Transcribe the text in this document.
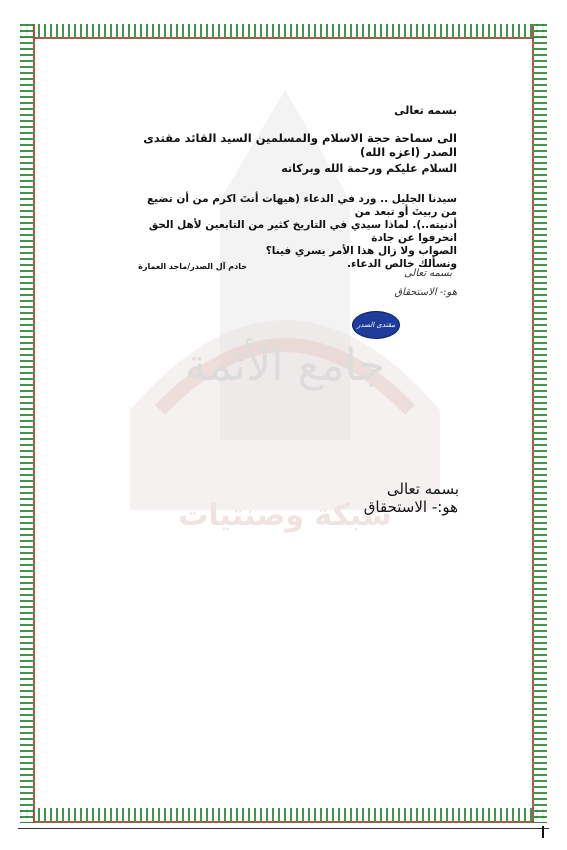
جامع الأئمة
شبكة وصنتيات
بسمه تعالى
الى سماحة حجة الاسلام والمسلمين السيد القائد مقتدى الصدر (اعزه الله)
السلام عليكم ورحمة الله وبركاته
سيدنا الجليل .. ورد في الدعاء (هيهات أنتَ اكرم من أن تضيع من ربيتَ أو تبعد من
أدنيته..). لماذا سيدي في التاريخ كثير من التابعين لأهل الحق انحرفوا عن جادة
الصواب ولا زال هذا الأمر يسري فينا؟
ونسألك خالص الدعاء.
خادم آل الصدر/ماجد العمارة
بسمه تعالى
هو:- الاستحقاق
مقتدى الصدر
بسمه تعالى
هو:- الاستحقاق
